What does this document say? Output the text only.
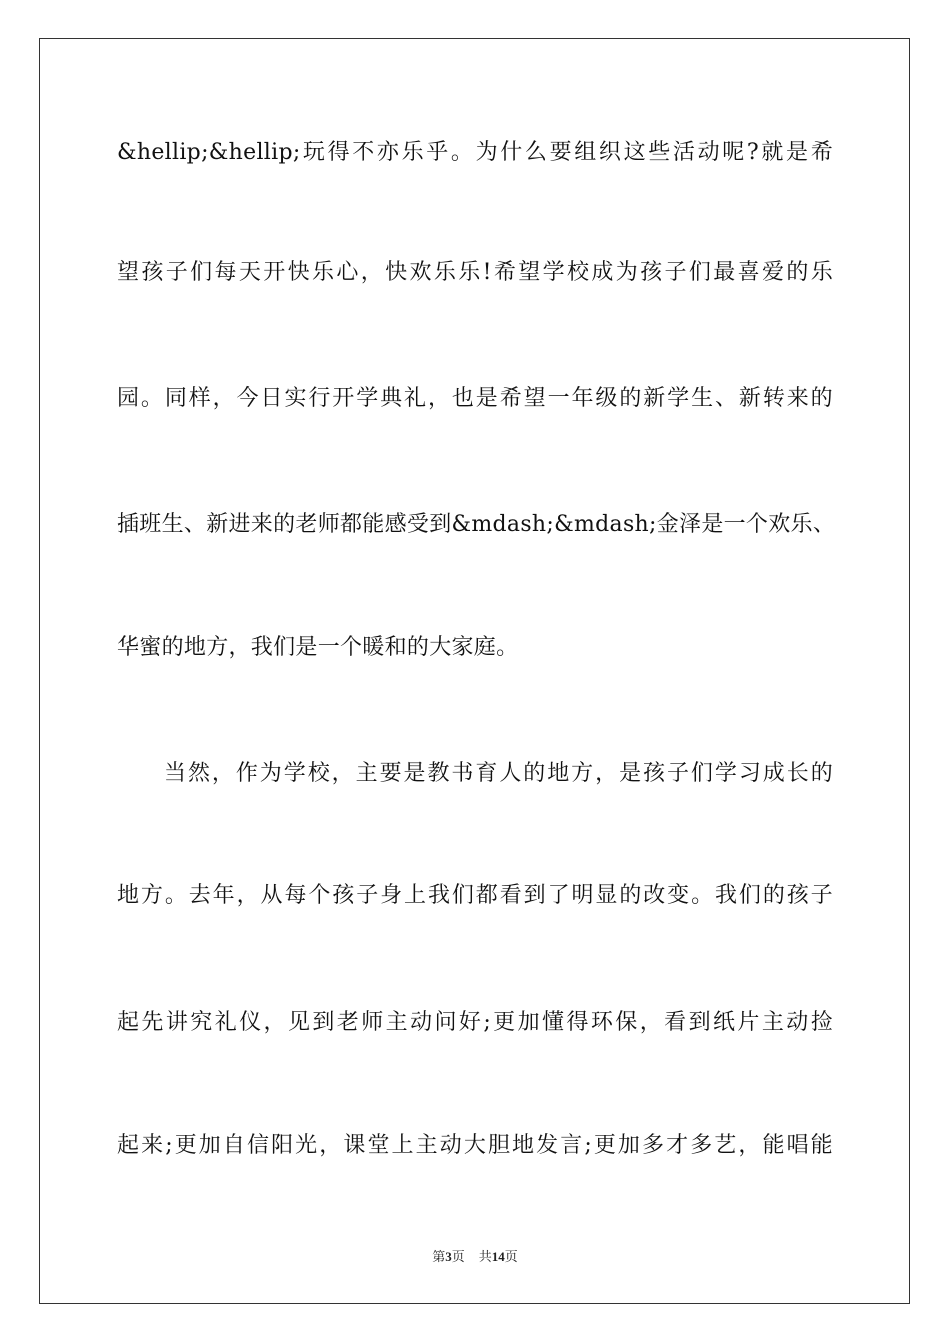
&hellip;&hellip;玩得不亦乐乎。为什么要组织这些活动呢?就是希
望孩子们每天开快乐心，快欢乐乐!希望学校成为孩子们最喜爱的乐
园。同样，今日实行开学典礼，也是希望一年级的新学生、新转来的
插班生、新进来的老师都能感受到&mdash;&mdash;金泽是一个欢乐、
华蜜的地方，我们是一个暖和的大家庭。
当然，作为学校，主要是教书育人的地方，是孩子们学习成长的
地方。去年，从每个孩子身上我们都看到了明显的改变。我们的孩子
起先讲究礼仪，见到老师主动问好;更加懂得环保，看到纸片主动捡
起来;更加自信阳光，课堂上主动大胆地发言;更加多才多艺，能唱能
第3页 共14页
